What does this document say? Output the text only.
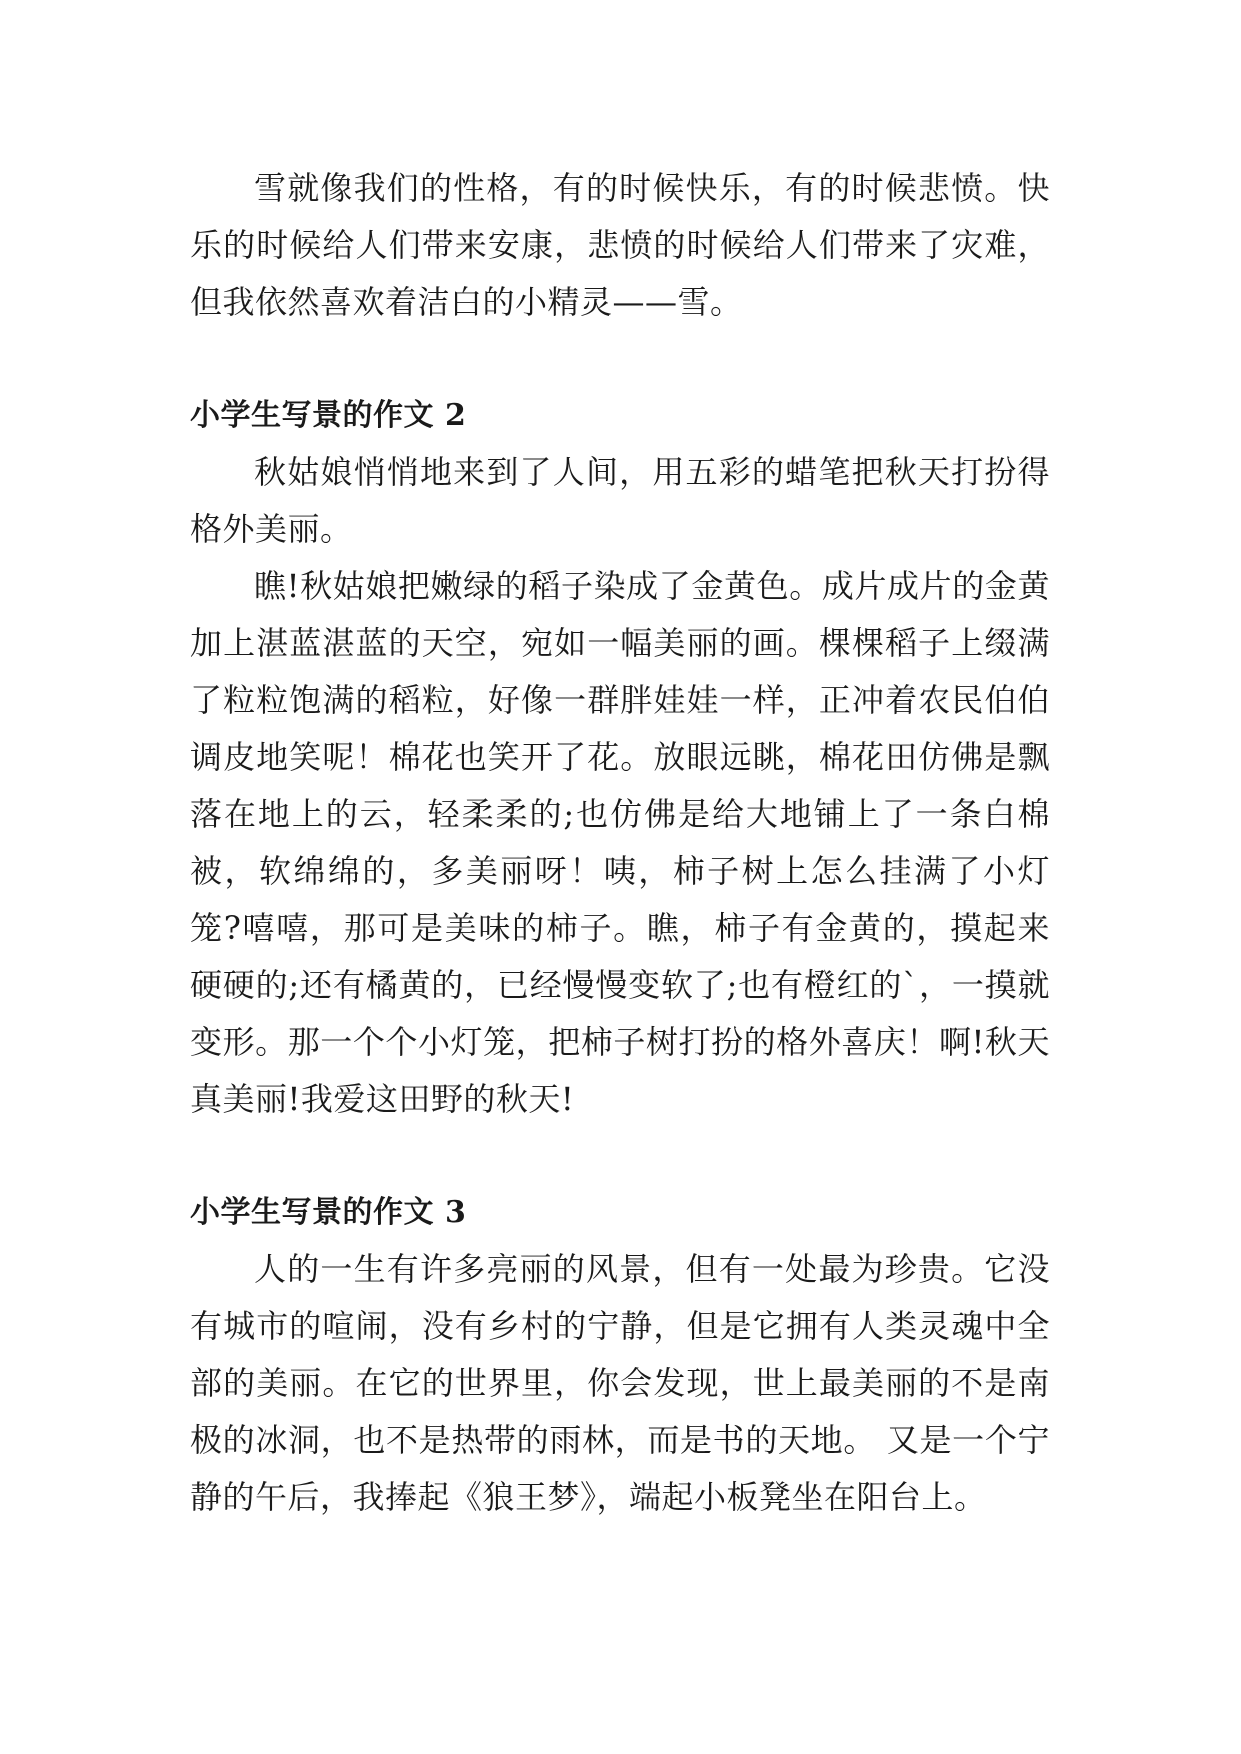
雪就像我们的性格，有的时候快乐，有的时候悲愤。快乐的时候给人们带来安康，悲愤的时候给人们带来了灾难，但我依然喜欢着洁白的小精灵——雪。

小学生写景的作文 2

秋姑娘悄悄地来到了人间，用五彩的蜡笔把秋天打扮得格外美丽。

瞧!秋姑娘把嫩绿的稻子染成了金黄色。成片成片的金黄加上湛蓝湛蓝的天空，宛如一幅美丽的画。棵棵稻子上缀满了粒粒饱满的稻粒，好像一群胖娃娃一样，正冲着农民伯伯调皮地笑呢！棉花也笑开了花。放眼远眺，棉花田仿佛是飘落在地上的云，轻柔柔的;也仿佛是给大地铺上了一条白棉被，软绵绵的，多美丽呀！咦，柿子树上怎么挂满了小灯笼?嘻嘻，那可是美味的柿子。瞧，柿子有金黄的，摸起来硬硬的;还有橘黄的，已经慢慢变软了;也有橙红的`，一摸就变形。那一个个小灯笼，把柿子树打扮的格外喜庆！啊!秋天真美丽!我爱这田野的秋天!

小学生写景的作文 3

人的一生有许多亮丽的风景，但有一处最为珍贵。它没有城市的喧闹，没有乡村的宁静，但是它拥有人类灵魂中全部的美丽。在它的世界里，你会发现，世上最美丽的不是南极的冰洞，也不是热带的雨林，而是书的天地。 又是一个宁静的午后，我捧起《狼王梦》，端起小板凳坐在阳台上。
